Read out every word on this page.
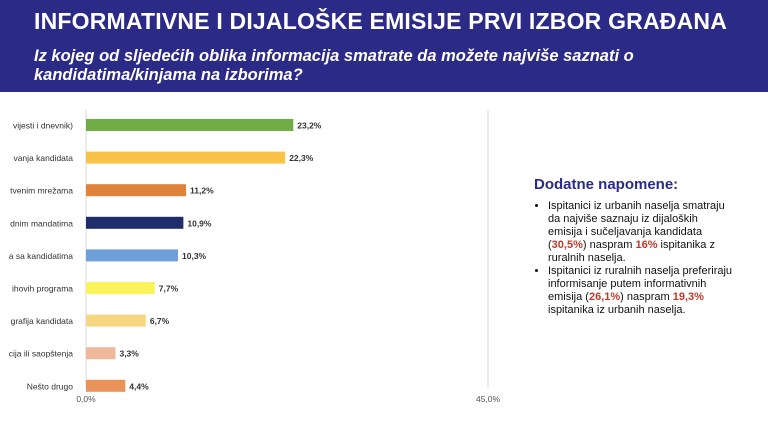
INFORMATIVNE I DIJALOŠKE EMISIJE PRVI IZBOR GRAĐANA
Iz kojeg od sljedećih oblika informacija smatrate da možete najviše saznati o kandidatima/kinjama na izborima?
vijesti i dnevnik)	23,2%
vanja kandidata	22,3%
tvenim mrežama	11,2%
dnim mandatima	10,9%
a sa kandidatima	10,3%
ihovih programa	7,7%
grafija kandidata	6,7%
cija ili saopštenja	3,3%
Nešto drugo	4,4%
0,0%	45,0%
Dodatne napomene:
• Ispitanici iz urbanih naselja smatraju da najviše saznaju iz dijaloških emisija i sučeljavanja kandidata (30,5%) naspram 16% ispitanika z ruralnih naselja.
• Ispitanici iz ruralnih naselja preferiraju informisanje putem informativnih emisija (26,1%) naspram 19,3% ispitanika iz urbanih naselja.
